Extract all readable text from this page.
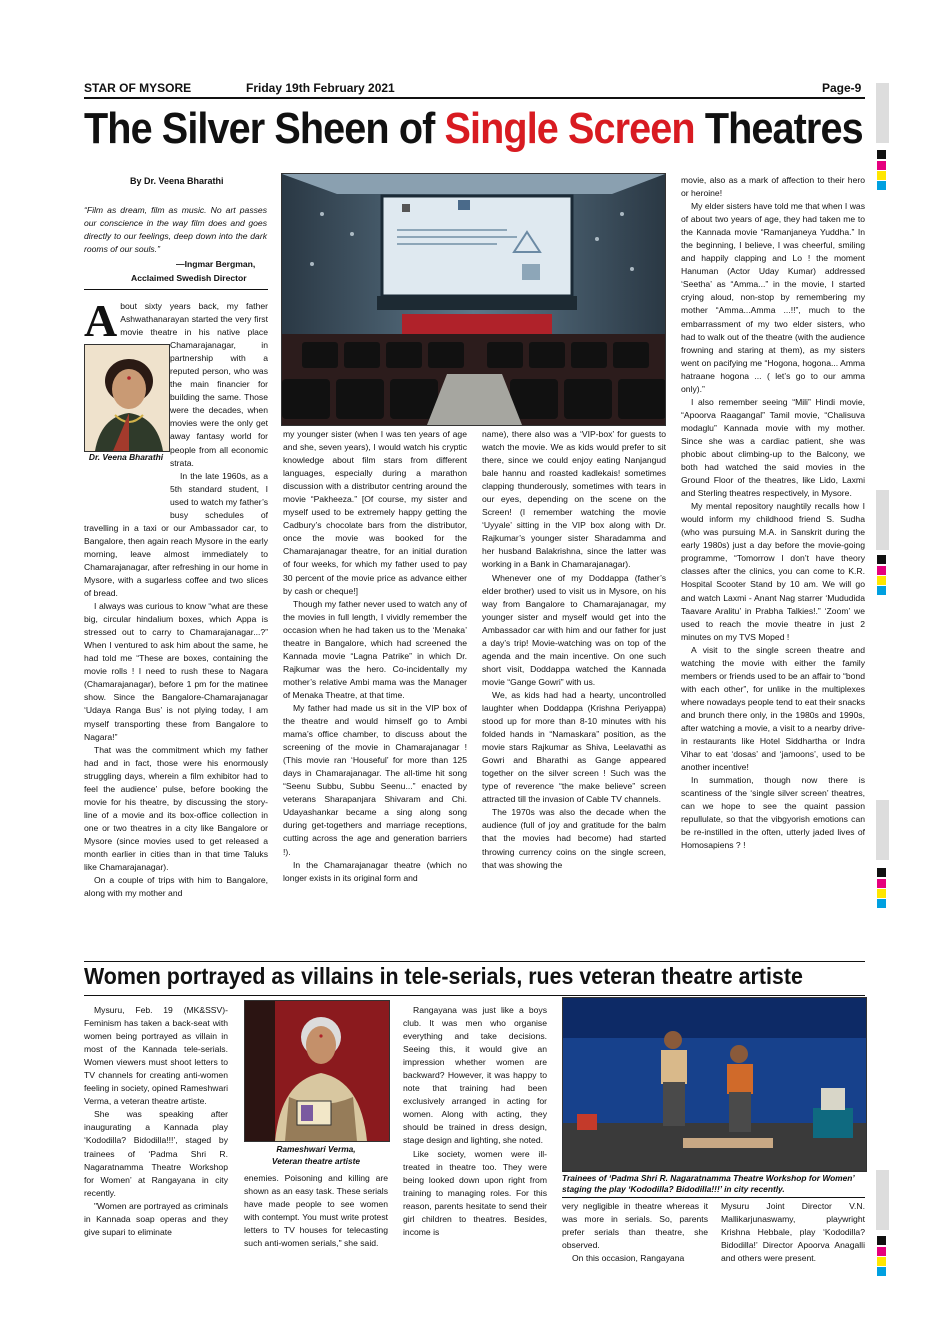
STAR OF MYSORE	Friday 19th February 2021	Page-9
The Silver Sheen of Single Screen Theatres
By Dr. Veena Bharathi
“Film as dream, film as music. No art passes our conscience in the way film does and goes directly to our feelings, deep down into the dark rooms of our souls.”
—Ingmar Bergman,
Acclaimed Swedish Director
Dr. Veena Bharathi
A bout sixty years back, my father Ashwathanarayan started the very first movie theatre in his native place Chamarajanagar, in partnership with a reputed person, who was the main financier for building the same. Those were the decades, when movies were the only get away fantasy world for people from all economic strata.

In the late 1960s, as a 5th standard student, I used to watch my father’s busy schedules of travelling in a taxi or our Ambassador car, to Bangalore, then again reach Mysore in the early morning, leave almost immediately to Chamarajanagar, after refreshing in our home in Mysore, with a sugarless coffee and two slices of bread.

I always was curious to know “what are these big, circular hindalium boxes, which Appa is stressed out to carry to Chamarajanagar...?” When I ventured to ask him about the same, he had told me “These are boxes, containing the movie rolls ! I need to rush these to Nagara (Chamarajanagar), before 1 pm for the matinee show. Since the Bangalore-Chamarajanagar ‘Udaya Ranga Bus’ is not plying today, I am myself transporting these from Bangalore to Nagara!”

That was the commitment which my father had and in fact, those were his enormously struggling days, wherein a film exhibitor had to feel the audience’ pulse, before booking the movie for his theatre, by discussing the story-line of a movie and its box-office collection in one or two theatres in a city like Bangalore or Mysore (since movies used to get released a month earlier in cities than in that time Taluks like Chamarajanagar).

On a couple of trips with him to Bangalore, along with my mother and

my younger sister (when I was ten years of age and she, seven years), I would watch his cryptic knowledge about film stars from different languages, especially during a marathon discussion with a distributor centring around the movie “Pakheeza.” [Of course, my sister and myself used to be extremely happy getting the Cadbury’s chocolate bars from the distributor, once the movie was booked for the Chamarajanagar theatre, for an initial duration of four weeks, for which my father used to pay 30 percent of the movie price as advance either by cash or cheque!]

Though my father never used to watch any of the movies in full length, I vividly remember the occasion when he had taken us to the ‘Menaka’ theatre in Bangalore, which had screened the Kannada movie “Lagna Patrike” in which Dr. Rajkumar was the hero. Co-incidentally my mother’s relative Ambi mama was the Manager of Menaka Theatre, at that time.

My father had made us sit in the VIP box of the theatre and would himself go to Ambi mama’s office chamber, to discuss about the screening of the movie in Chamarajanagar ! (This movie ran ‘Houseful’ for more than 125 days in Chamarajanagar. The all-time hit song “Seenu Subbu, Subbu Seenu...” enacted by veterans Sharapanjara Shivaram and Chi. Udayashankar became a sing along song during get-togethers and marriage receptions, cutting across the age and generation barriers !).

In the Chamarajanagar theatre (which no longer exists in its original form and

name), there also was a ‘VIP-box’ for guests to watch the movie. We as kids would prefer to sit there, since we could enjoy eating Nanjangud bale hannu and roasted kadlekais! sometimes clapping thunderously, sometimes with tears in our eyes, depending on the scene on the Screen! (I remember watching the movie ‘Uyyale’ sitting in the VIP box along with Dr. Rajkumar’s younger sister Sharadamma and her husband Balakrishna, since the latter was working in a Bank in Chamarajanagar).

Whenever one of my Doddappa (father’s elder brother) used to visit us in Mysore, on his way from Bangalore to Chamarajanagar, my younger sister and myself would get into the Ambassador car with him and our father for just a day’s trip! Movie-watching was on top of the agenda and the main incentive. On one such short visit, Doddappa watched the Kannada movie “Gange Gowri” with us.

We, as kids had had a hearty, uncontrolled laughter when Doddappa (Krishna Periyappa) stood up for more than 8-10 minutes with his folded hands in “Namaskara” position, as the movie stars Rajkumar as Shiva, Leelavathi as Gowri and Bharathi as Gange appeared together on the silver screen ! Such was the type of reverence “the make believe” screen attracted till the invasion of Cable TV channels.

The 1970s was also the decade when the audience (full of joy and gratitude for the balm that the movies had become) had started throwing currency coins on the single screen, that was showing the

movie, also as a mark of affection to their hero or heroine!

My elder sisters have told me that when I was of about two years of age, they had taken me to the Kannada movie “Ramanjaneya Yuddha.” In the beginning, I believe, I was cheerful, smiling and happily clapping and Lo ! the moment Hanuman (Actor Uday Kumar) addressed ‘Seetha’ as “Amma...” in the movie, I started crying aloud, non-stop by remembering my mother “Amma...Amma ...!!”, much to the embarrassment of my two elder sisters, who had to walk out of the theatre (with the audience frowning and staring at them), as my sisters went on pacifying me “Hogona, hogona... Amma hatraane hogona ... ( let’s go to our amma only).”

I also remember seeing “Mili” Hindi movie, “Apoorva Raagangal” Tamil movie, “Chalisuva modaglu” Kannada movie with my mother. Since she was a cardiac patient, she was phobic about climbing-up to the Balcony, we both had watched the said movies in the Ground Floor of the theatres, like Lido, Laxmi and Sterling theatres respectively, in Mysore.

My mental repository naughtily recalls how I would inform my childhood friend S. Sudha (who was pursuing M.A. in Sanskrit during the early 1980s) just a day before the movie-going programme, “Tomorrow I don’t have theory classes after the clinics, you can come to K.R. Hospital Scooter Stand by 10 am. We will go and watch Laxmi - Anant Nag starrer ‘Mududida Taavare Aralitu’ in Prabha Talkies!.” ‘Zoom’ we used to reach the movie theatre in just 2 minutes on my TVS Moped !

A visit to the single screen theatre and watching the movie with either the family members or friends used to be an affair to “bond with each other”, for unlike in the multiplexes where nowadays people tend to eat their snacks and brunch there only, in the 1980s and 1990s, after watching a movie, a visit to a nearby drive-in restaurants like Hotel Siddhartha or Indra Vihar to eat ‘dosas’ and ‘jamoons’, used to be another incentive!

In summation, though now there is scantiness of the ‘single silver screen’ theatres, can we hope to see the quaint passion repullulate, so that the vibgyorish emotions can be re-instilled in the often, utterly jaded lives of Homosapiens ? !

Women portrayed as villains in tele-serials, rues veteran theatre artiste

Mysuru, Feb. 19 (MK&SSV)- Feminism has taken a back-seat with women being portrayed as villain in most of the Kannada tele-serials. Women viewers must shoot letters to TV channels for creating anti-women feeling in society, opined Rameshwari Verma, a veteran theatre artiste.

She was speaking after inaugurating a Kannada play ‘Kododilla? Bidodilla!!!’, staged by trainees of ‘Padma Shri R. Nagaratnamma Theatre Workshop for Women’ at Rangayana in city recently.

"Women are portrayed as criminals in Kannada soap operas and they give supari to eliminate

Rameshwari Verma,
Veteran theatre artiste

enemies. Poisoning and killing are shown as an easy task. These serials have made people to see women with contempt. You must write protest letters to TV houses for telecasting such anti-women serials," she said.

Rangayana was just like a boys club. It was men who organise everything and take decisions. Seeing this, it would give an impression whether women are backward? However, it was happy to note that training had been exclusively arranged in acting for women. Along with acting, they should be trained in dress design, stage design and lighting, she noted.

Like society, women were ill-treated in theatre too. They were being looked down upon right from training to managing roles. For this reason, parents hesitate to send their girl children to theatres. Besides, income is

Trainees of ‘Padma Shri R. Nagaratnamma Theatre Workshop for Women’ staging the play ‘Kododilla? Bidodilla!!!’ in city recently.

very negligible in theatre whereas it was more in serials. So, parents prefer serials than theatre, she observed.

On this occasion, Rangayana

Mysuru Joint Director V.N. Mallikarjunaswamy, playwright Krishna Hebbale, play ‘Kododilla? Bidodilla!’ Director Apoorva Anagalli and others were present.
